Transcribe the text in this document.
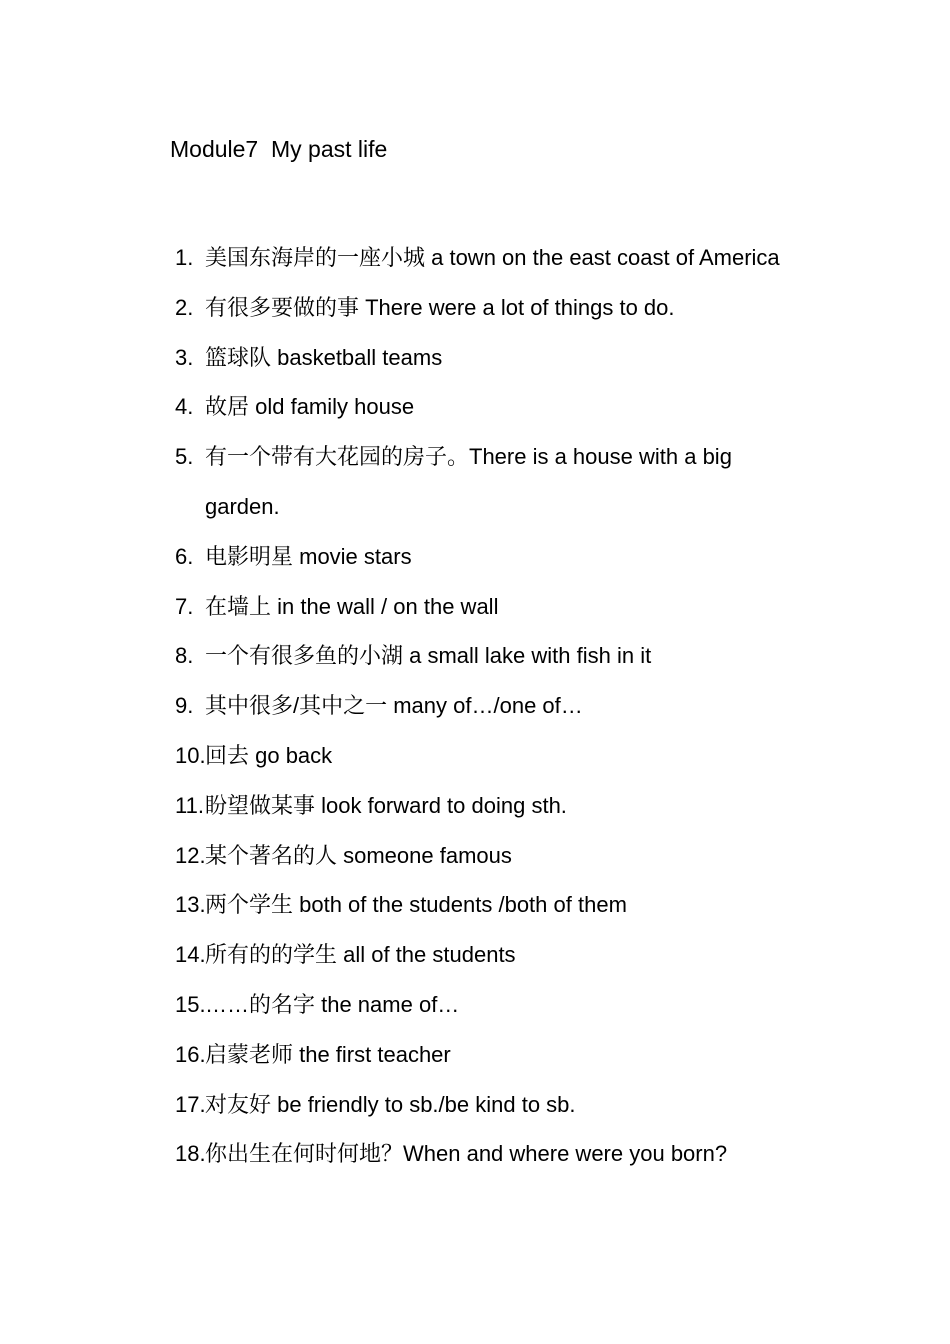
Module7  My past life
1. 美国东海岸的一座小城 a town on the east coast of America
2. 有很多要做的事 There were a lot of things to do.
3. 篮球队 basketball teams
4. 故居 old family house
5. 有一个带有大花园的房子。There is a house with a big garden.
6. 电影明星 movie stars
7. 在墙上 in the wall / on the wall
8. 一个有很多鱼的小湖 a small lake with fish in it
9. 其中很多/其中之一 many of…/one of…
10. 回去 go back
11. 盼望做某事 look forward to doing sth.
12. 某个著名的人 someone famous
13. 两个学生 both of the students /both of them
14. 所有的的学生 all of the students
15. ……的名字 the name of…
16. 启蒙老师 the first teacher
17. 对友好 be friendly to sb./be kind to sb.
18. 你出生在何时何地？When and where were you born?
